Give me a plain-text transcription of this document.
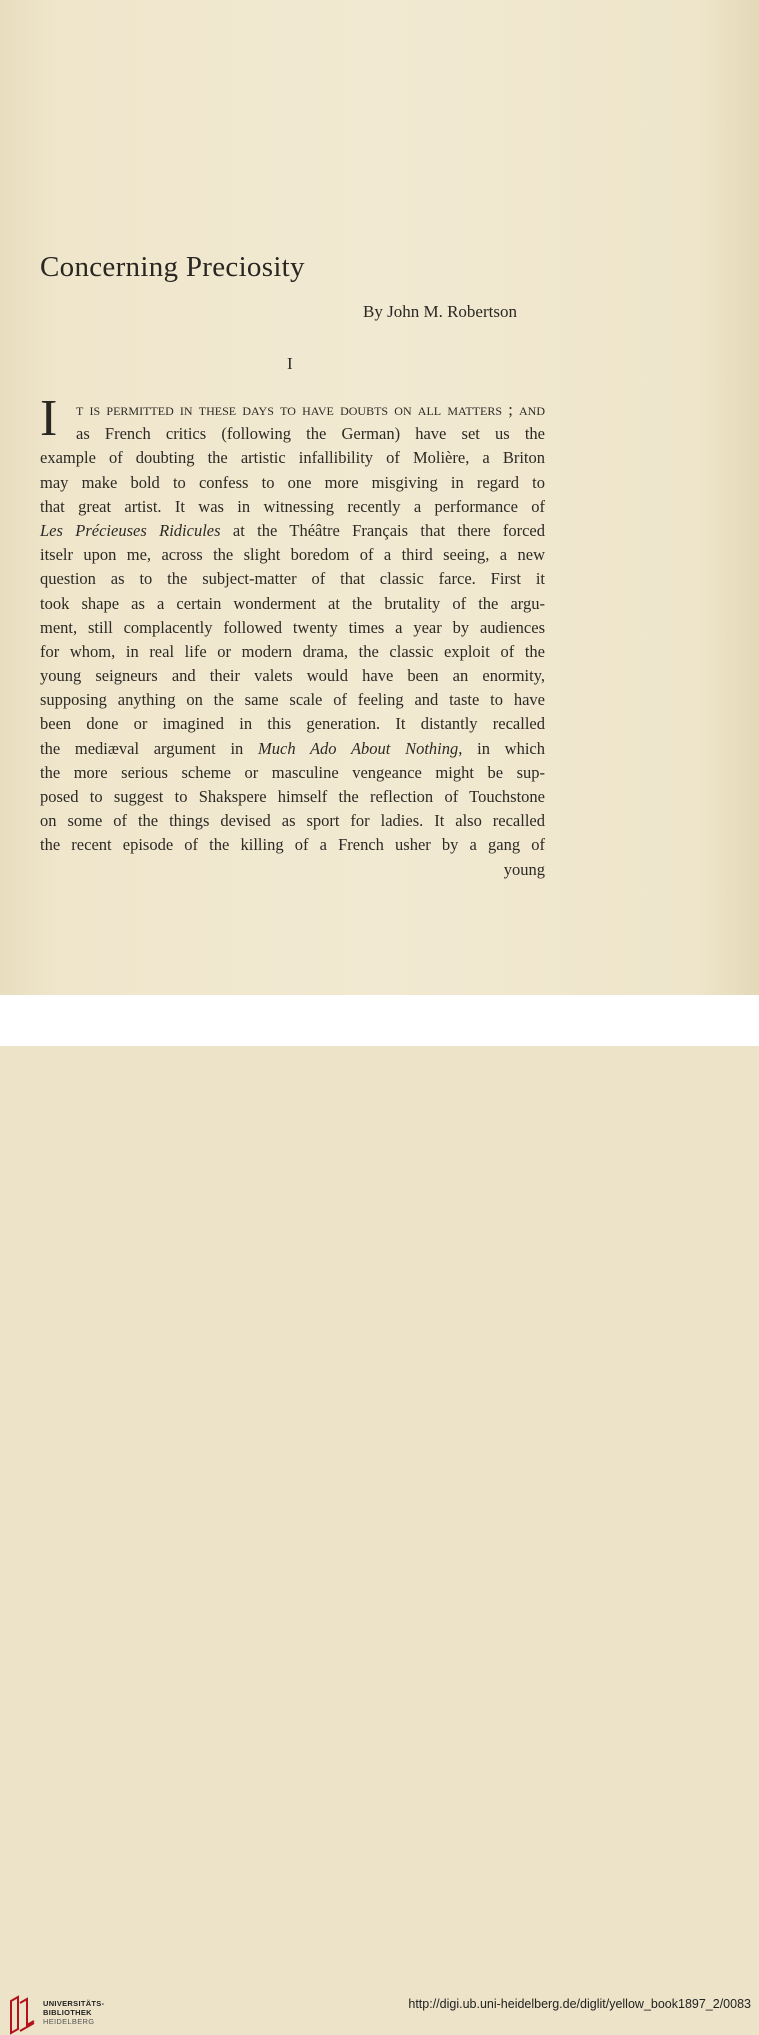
Concerning Preciosity
By John M. Robertson
I
I	t is permitted in these days to have doubts on all matters ; and
as French critics (following the German) have set us the
example of doubting the artistic infallibility of Molière, a Briton
may make bold to confess to one more misgiving in regard to
that great artist. It was in witnessing recently a performance of
Les Précieuses Ridicules at the Théâtre Français that there forced
itselr upon me, across the slight boredom of a third seeing, a new
question as to the subject-matter of that classic farce. First it
took shape as a certain wonderment at the brutality of the argu-
ment, still complacently followed twenty times a year by audiences
for whom, in real life or modern drama, the classic exploit of the
young seigneurs and their valets would have been an enormity,
supposing anything on the same scale of feeling and taste to have
been done or imagined in this generation. It distantly recalled
the mediæval argument in Much Ado About Nothing, in which
the more serious scheme or masculine vengeance might be sup-
posed to suggest to Shakspere himself the reflection of Touchstone
on some of the things devised as sport for ladies. It also recalled
the recent episode of the killing of a French usher by a gang of
young
UNIVERSITÄTS-
BIBLIOTHEK
HEIDELBERG
http://digi.ub.uni-heidelberg.de/diglit/yellow_book1897_2/0083
